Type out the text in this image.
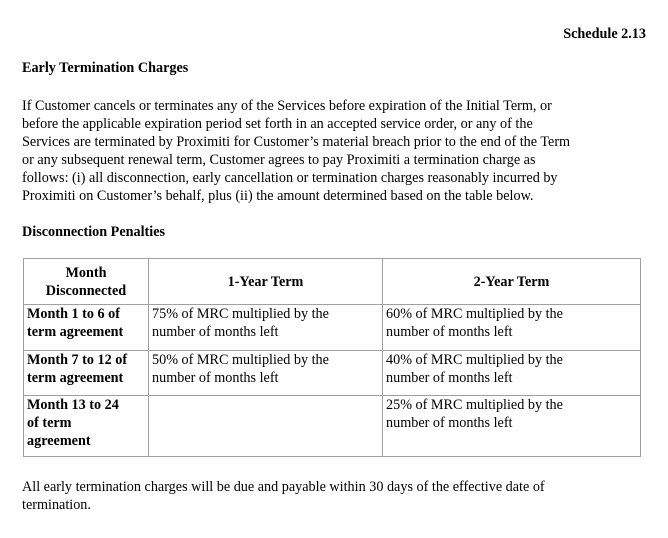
Schedule 2.13
Early Termination Charges
If Customer cancels or terminates any of the Services before expiration of the Initial Term, or
before the applicable expiration period set forth in an accepted service order, or any of the
Services are terminated by Proximiti for Customer’s material breach prior to the end of the Term
or any subsequent renewal term, Customer agrees to pay Proximiti a termination charge as
follows: (i) all disconnection, early cancellation or termination charges reasonably incurred by
Proximiti on Customer’s behalf, plus (ii) the amount determined based on the table below.
Disconnection Penalties
Month
Disconnected	1-Year Term	2-Year Term

Month 1 to 6 of
term agreement	75% of MRC multiplied by the
number of months left	60% of MRC multiplied by the
number of months left

Month 7 to 12 of
term agreement	50% of MRC multiplied by the
number of months left	40% of MRC multiplied by the
number of months left

Month 13 to 24
of term
agreement		25% of MRC multiplied by the
number of months left
All early termination charges will be due and payable within 30 days of the effective date of
termination.
